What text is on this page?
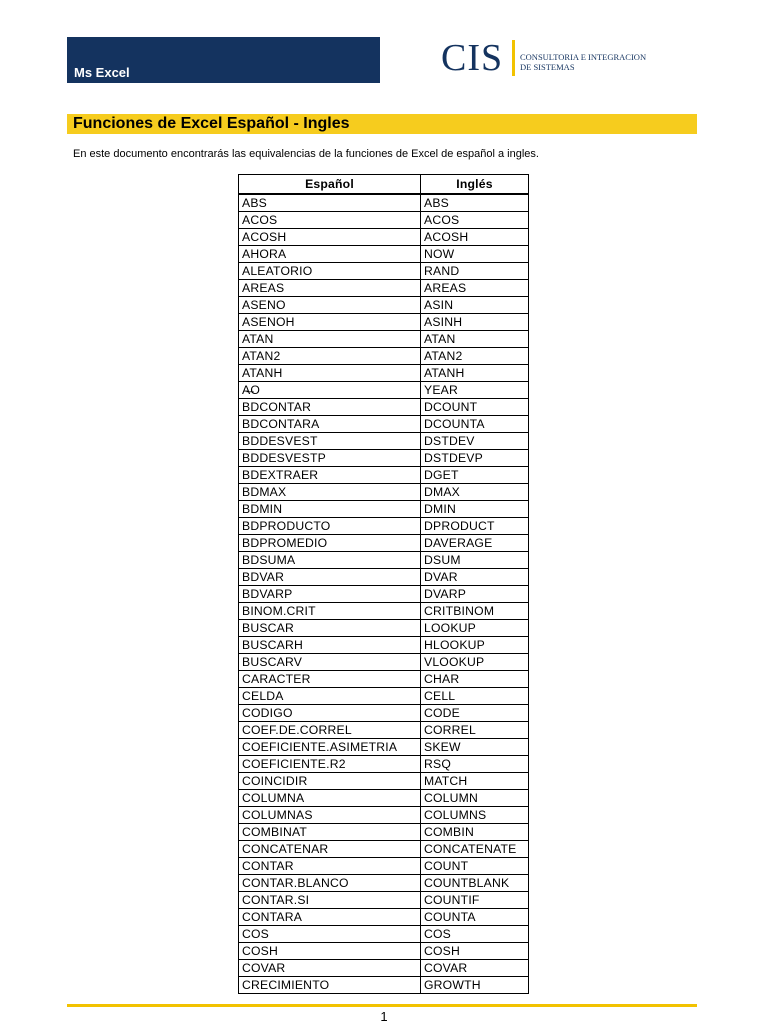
Ms Excel	CIS CONSULTORIA E INTEGRACION
DE SISTEMAS
Funciones de Excel Español - Ingles
En este documento encontrarás las equivalencias de la funciones de Excel de español a ingles.
Español	Inglés
ABS	ABS
ACOS	ACOS
ACOSH	ACOSH
AHORA	NOW
ALEATORIO	RAND
AREAS	AREAS
ASENO	ASIN
ASENOH	ASINH
ATAN	ATAN
ATAN2	ATAN2
ATANH	ATANH
A̶O	YEAR
BDCONTAR	DCOUNT
BDCONTARA	DCOUNTA
BDDESVEST	DSTDEV
BDDESVESTP	DSTDEVP
BDEXTRAER	DGET
BDMAX	DMAX
BDMIN	DMIN
BDPRODUCTO	DPRODUCT
BDPROMEDIO	DAVERAGE
BDSUMA	DSUM
BDVAR	DVAR
BDVARP	DVARP
BINOM.CRIT	CRITBINOM
BUSCAR	LOOKUP
BUSCARH	HLOOKUP
BUSCARV	VLOOKUP
CARACTER	CHAR
CELDA	CELL
CODIGO	CODE
COEF.DE.CORREL	CORREL
COEFICIENTE.ASIMETRIA	SKEW
COEFICIENTE.R2	RSQ
COINCIDIR	MATCH
COLUMNA	COLUMN
COLUMNAS	COLUMNS
COMBINAT	COMBIN
CONCATENAR	CONCATENATE
CONTAR	COUNT
CONTAR.BLANCO	COUNTBLANK
CONTAR.SI	COUNTIF
CONTARA	COUNTA
COS	COS
COSH	COSH
COVAR	COVAR
CRECIMIENTO	GROWTH
1
